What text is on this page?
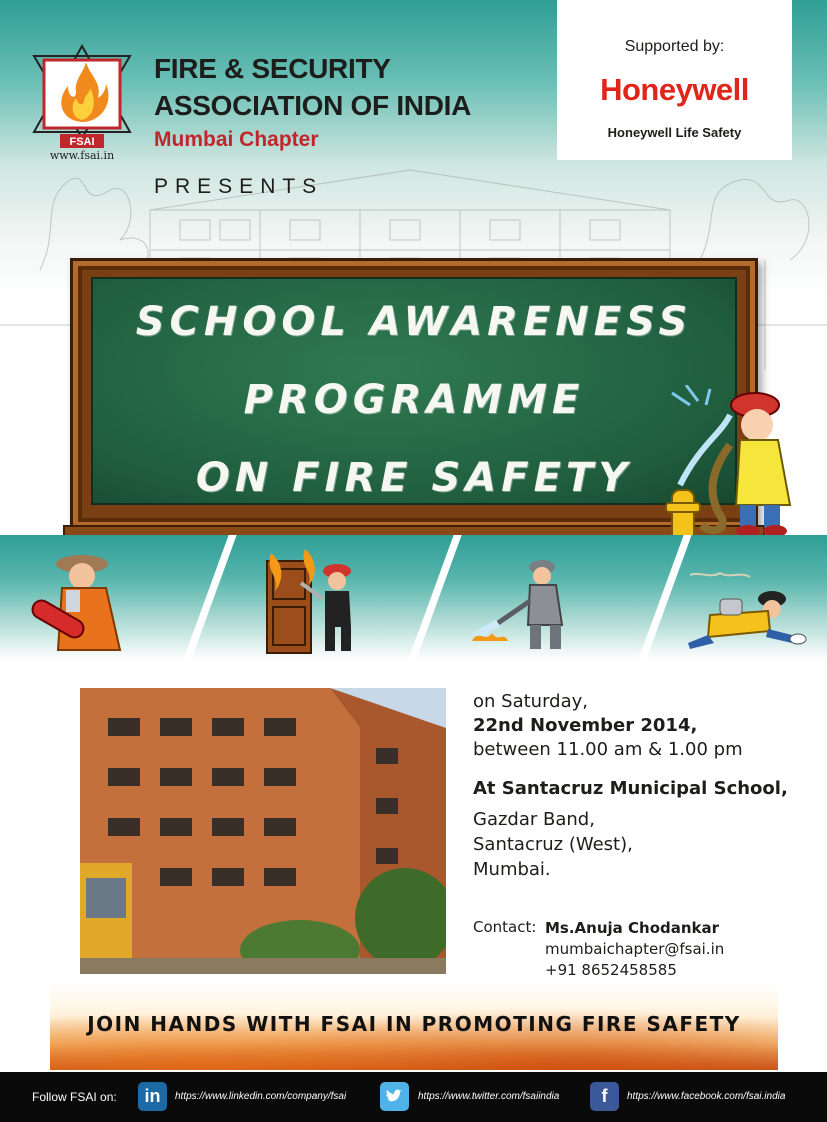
FSAI
www.fsai.in
FIRE & SECURITY
ASSOCIATION OF INDIA
Mumbai Chapter
PRESENTS
Supported by:
Honeywell
Honeywell Life Safety
SCHOOL AWARENESS
PROGRAMME
ON FIRE SAFETY
on Saturday,
22nd November 2014,
between 11.00 am & 1.00 pm
At Santacruz Municipal School,
Gazdar Band,
Santacruz (West),
Mumbai.
Contact: Ms.Anuja Chodankar
mumbaichapter@fsai.in
+91 8652458585
JOIN HANDS WITH FSAI IN PROMOTING FIRE SAFETY
Follow FSAI on:	in	https://www.linkedin.com/company/fsai	https://www.twitter.com/fsaiindia	f	https://www.facebook.com/fsai.india
